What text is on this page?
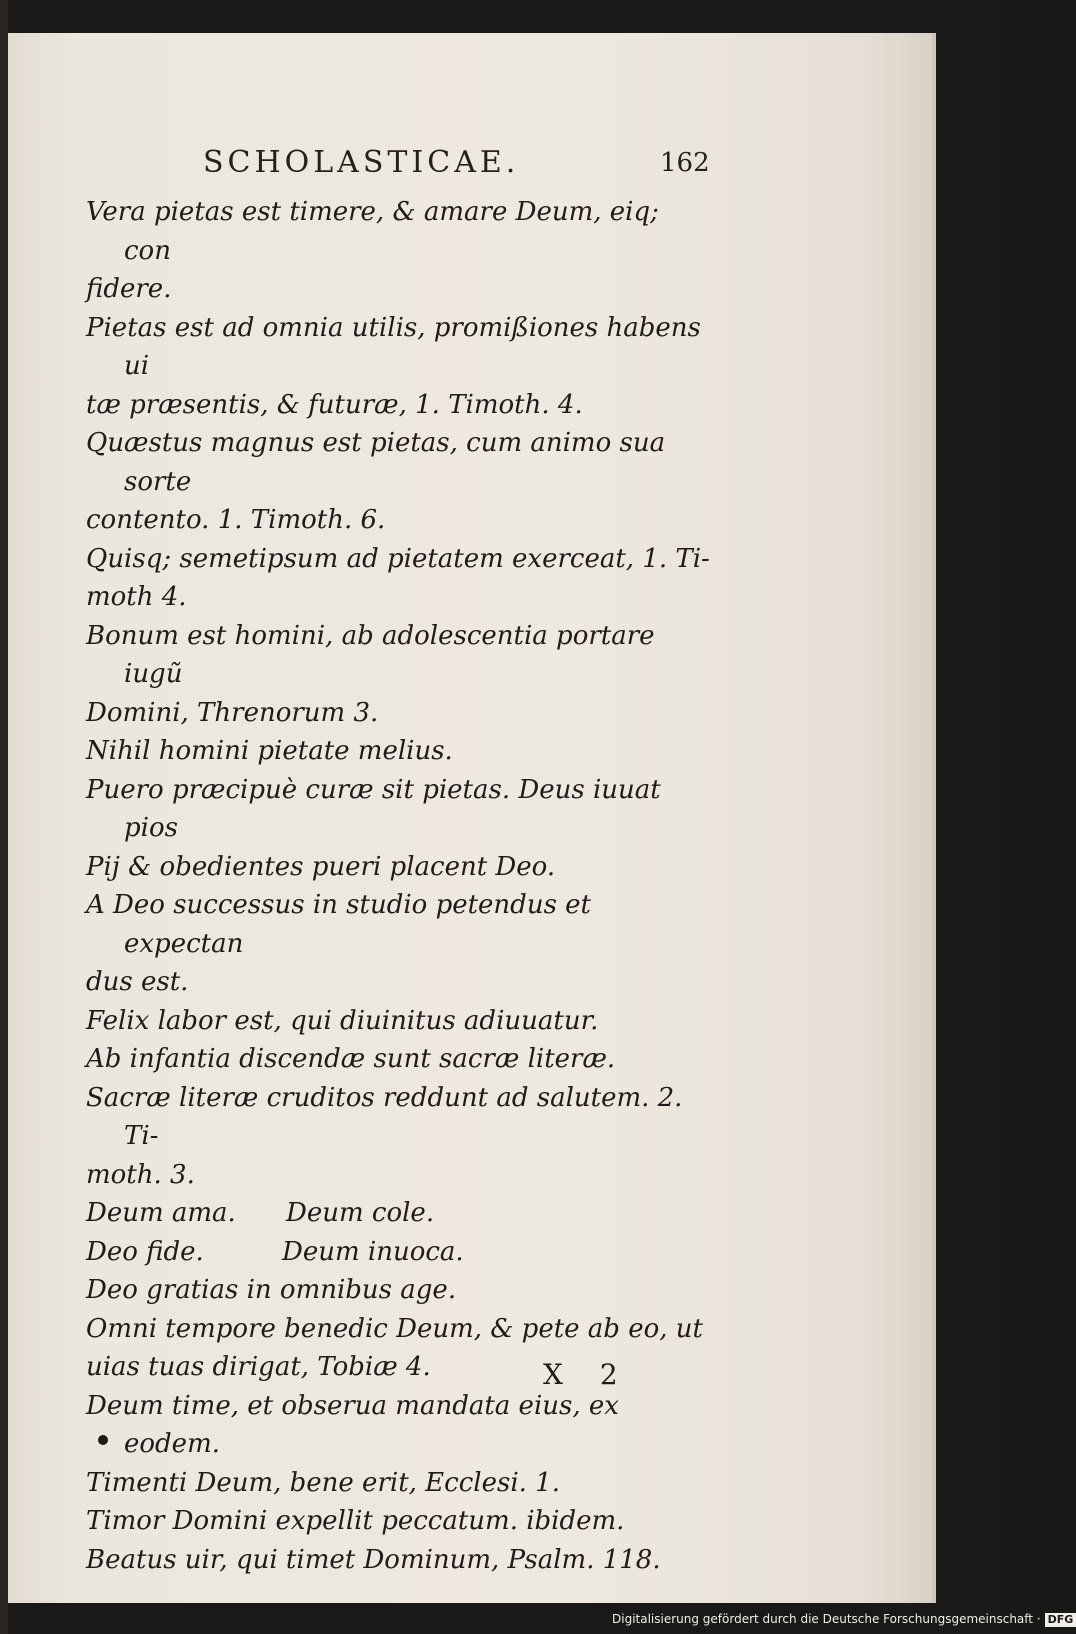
SCHOLASTICAE.	162

Vera pietas est timere, & amare Deum, eiq; con
fidere.

Pietas est ad omnia utilis, promißiones habens ui
tæ præsentis, & futuræ, 1. Timoth. 4.

Quæstus magnus est pietas, cum animo sua sorte
contento. 1. Timoth. 6.

Quisq; semetipsum ad pietatem exerceat, 1. Ti-
moth 4.

Bonum est homini, ab adolescentia portare iugũ
Domini, Threnorum 3.

Nihil homini pietate melius.

Puero præcipuè curæ sit pietas. Deus iuuat pios

Pij & obedientes pueri placent Deo.

A Deo successus in studio petendus et expectan
dus est.

Felix labor est, qui diuinitus adiuuatur.

Ab infantia discendæ sunt sacræ literæ.

Sacræ literæ cruditos reddunt ad salutem. 2. Ti-
moth. 3.

Deum ama. Deum cole.
Deo fide.	Deum inuoca.

Deo gratias in omnibus age.

Omni tempore benedic Deum, & pete ab eo, ut
uias tuas dirigat, Tobiæ 4.

Deum time, et obserua mandata eius, ex eodem.

Timenti Deum, bene erit, Ecclesi. 1.

Timor Domini expellit peccatum. ibidem.

Beatus uir, qui timet Dominum, Psalm. 118.

X 2
Digitalisierung gefördert durch die Deutsche Forschungsgemeinschaft · DFG
